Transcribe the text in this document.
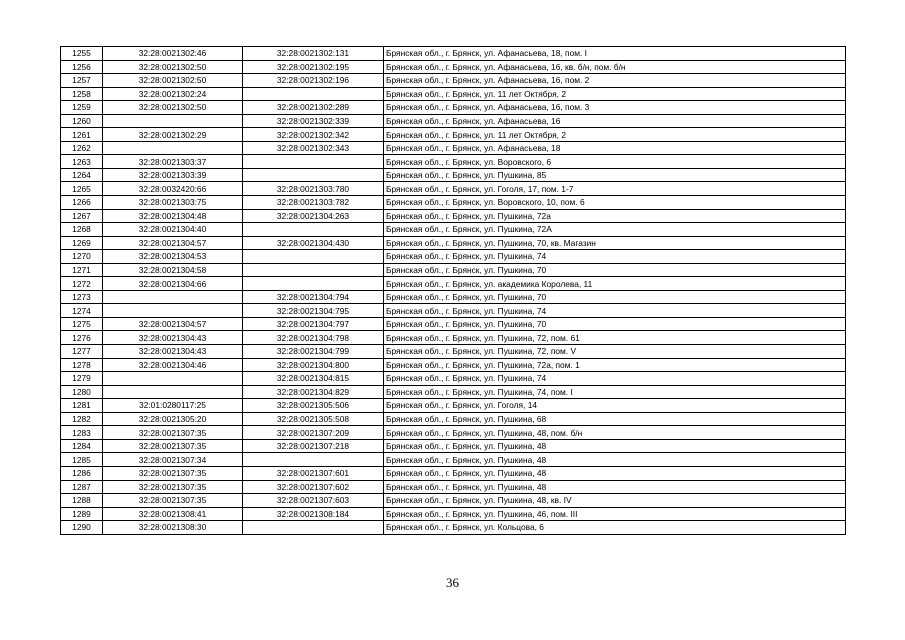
1255	32:28:0021302:46	32:28:0021302:131	Брянская обл., г. Брянск, ул. Афанасьева, 18, пом. I
1256	32:28:0021302:50	32:28:0021302:195	Брянская обл., г. Брянск, ул. Афанасьева, 16, кв. б/н, пом. б/н
1257	32:28:0021302:50	32:28:0021302:196	Брянская обл., г. Брянск, ул. Афанасьева, 16, пом. 2
1258	32:28:0021302:24		Брянская обл., г. Брянск, ул. 11 лет Октября, 2
1259	32:28:0021302:50	32:28:0021302:289	Брянская обл., г. Брянск, ул. Афанасьева, 16, пом. 3
1260		32:28:0021302:339	Брянская обл., г. Брянск, ул. Афанасьева, 16
1261	32:28:0021302:29	32:28:0021302:342	Брянская обл., г. Брянск, ул. 11 лет Октября, 2
1262		32:28:0021302:343	Брянская обл., г. Брянск, ул. Афанасьева, 18
1263	32:28:0021303:37		Брянская обл., г. Брянск, ул. Воровского, 6
1264	32:28:0021303:39		Брянская обл., г. Брянск, ул. Пушкина, 85
1265	32:28:0032420:66	32:28:0021303:780	Брянская обл., г. Брянск, ул. Гоголя, 17, пом. 1-7
1266	32:28:0021303:75	32:28:0021303:782	Брянская обл., г. Брянск, ул. Воровского, 10, пом. 6
1267	32:28:0021304:48	32:28:0021304:263	Брянская обл., г. Брянск, ул. Пушкина, 72а
1268	32:28:0021304:40		Брянская обл., г. Брянск, ул. Пушкина, 72А
1269	32:28:0021304:57	32:28:0021304:430	Брянская обл., г. Брянск, ул. Пушкина, 70, кв. Магазин
1270	32:28:0021304:53		Брянская обл., г. Брянск, ул. Пушкина, 74
1271	32:28:0021304:58		Брянская обл., г. Брянск, ул. Пушкина, 70
1272	32:28:0021304:66		Брянская обл., г. Брянск, ул. академика Королева, 11
1273		32:28:0021304:794	Брянская обл., г. Брянск, ул. Пушкина, 70
1274		32:28:0021304:795	Брянская обл., г. Брянск, ул. Пушкина, 74
1275	32:28:0021304:57	32:28:0021304:797	Брянская обл., г. Брянск, ул. Пушкина, 70
1276	32:28:0021304:43	32:28:0021304:798	Брянская обл., г. Брянск, ул. Пушкина, 72, пом. 61
1277	32:28:0021304:43	32:28:0021304:799	Брянская обл., г. Брянск, ул. Пушкина, 72, пом. V
1278	32:28:0021304:46	32:28:0021304:800	Брянская обл., г. Брянск, ул. Пушкина, 72а, пом. 1
1279		32:28:0021304:815	Брянская обл., г. Брянск, ул. Пушкина, 74
1280		32:28:0021304:829	Брянская обл., г. Брянск, ул. Пушкина, 74, пом. I
1281	32:01:0280117:25	32:28:0021305:506	Брянская обл., г. Брянск, ул. Гоголя, 14
1282	32:28:0021305:20	32:28:0021305:508	Брянская обл., г. Брянск, ул. Пушкина, 68
1283	32:28:0021307:35	32:28:0021307:209	Брянская обл., г. Брянск, ул. Пушкина, 48, пом. б/н
1284	32:28:0021307:35	32:28:0021307:218	Брянская обл., г. Брянск, ул. Пушкина, 48
1285	32:28:0021307:34		Брянская обл., г. Брянск, ул. Пушкина, 48
1286	32:28:0021307:35	32:28:0021307:601	Брянская обл., г. Брянск, ул. Пушкина, 48
1287	32:28:0021307:35	32:28:0021307:602	Брянская обл., г. Брянск, ул. Пушкина, 48
1288	32:28:0021307:35	32:28:0021307:603	Брянская обл., г. Брянск, ул. Пушкина, 48, кв. IV
1289	32:28:0021308:41	32:28:0021308:184	Брянская обл., г. Брянск, ул. Пушкина, 46, пом. III
1290	32:28:0021308:30		Брянская обл., г. Брянск, ул. Кольцова, 6
36
